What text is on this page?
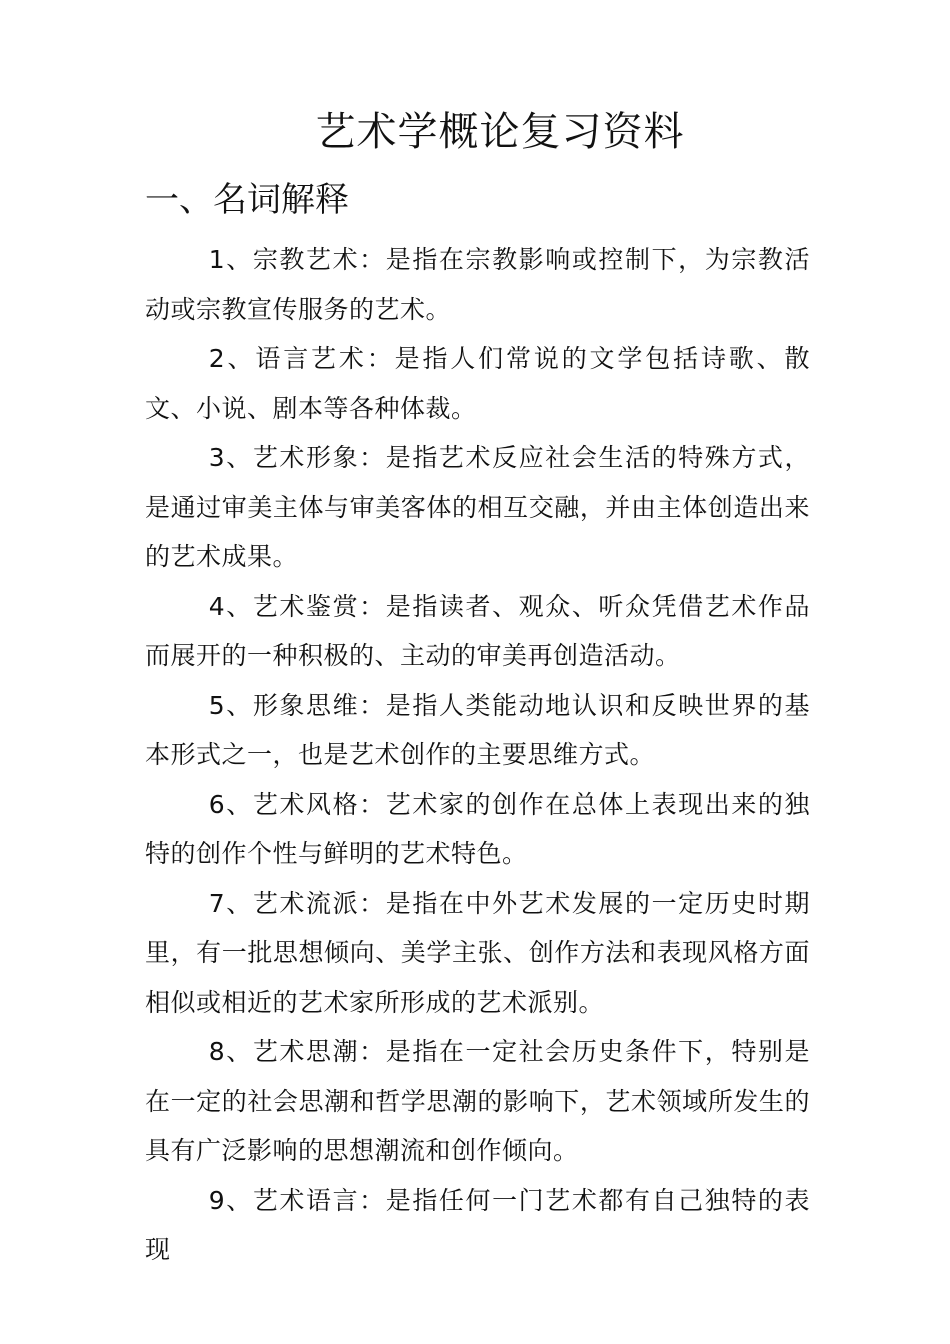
艺术学概论复习资料
一、名词解释

1、宗教艺术：是指在宗教影响或控制下，为宗教活动或宗教宣传服务的艺术。

2、语言艺术：是指人们常说的文学包括诗歌、散文、小说、剧本等各种体裁。

3、艺术形象：是指艺术反应社会生活的特殊方式，是通过审美主体与审美客体的相互交融，并由主体创造出来的艺术成果。

4、艺术鉴赏：是指读者、观众、听众凭借艺术作品而展开的一种积极的、主动的审美再创造活动。

5、形象思维：是指人类能动地认识和反映世界的基本形式之一，也是艺术创作的主要思维方式。

6、艺术风格：艺术家的创作在总体上表现出来的独特的创作个性与鲜明的艺术特色。

7、艺术流派：是指在中外艺术发展的一定历史时期里，有一批思想倾向、美学主张、创作方法和表现风格方面相似或相近的艺术家所形成的艺术派别。

8、艺术思潮：是指在一定社会历史条件下，特别是在一定的社会思潮和哲学思潮的影响下，艺术领域所发生的具有广泛影响的思想潮流和创作倾向。

9、艺术语言：是指任何一门艺术都有自己独特的表现
